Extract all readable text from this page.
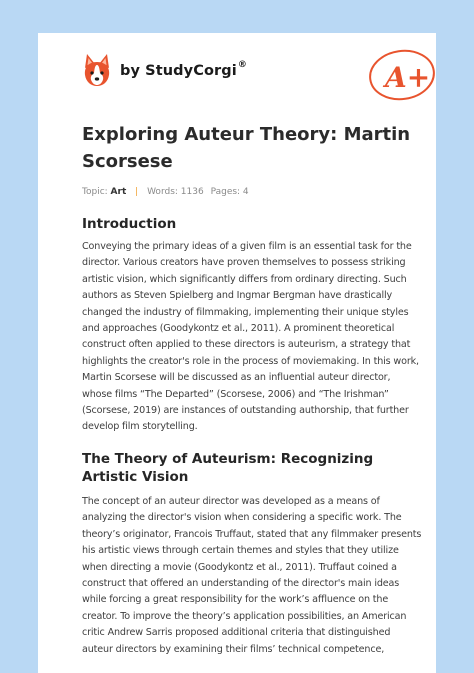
by StudyCorgi®	A+
Exploring Auteur Theory: Martin Scorsese
Topic: Art | Words: 1136 Pages: 4
Introduction

Conveying the primary ideas of a given film is an essential task for the director. Various creators have proven themselves to possess striking artistic vision, which significantly differs from ordinary directing. Such authors as Steven Spielberg and Ingmar Bergman have drastically changed the industry of filmmaking, implementing their unique styles and approaches (Goodykontz et al., 2011). A prominent theoretical construct often applied to these directors is auteurism, a strategy that highlights the creator's role in the process of moviemaking. In this work, Martin Scorsese will be discussed as an influential auteur director, whose films “The Departed” (Scorsese, 2006) and “The Irishman” (Scorsese, 2019) are instances of outstanding authorship, that further develop film storytelling.

The Theory of Auteurism: Recognizing Artistic Vision

The concept of an auteur director was developed as a means of analyzing the director's vision when considering a specific work. The theory’s originator, Francois Truffaut, stated that any filmmaker presents his artistic views through certain themes and styles that they utilize when directing a movie (Goodykontz et al., 2011). Truffaut coined a construct that offered an understanding of the director's main ideas while forcing a great responsibility for the work’s affluence on the creator. To improve the theory’s application possibilities, an American critic Andrew Sarris proposed additional criteria that distinguished auteur directors by examining their films’ technical competence,
